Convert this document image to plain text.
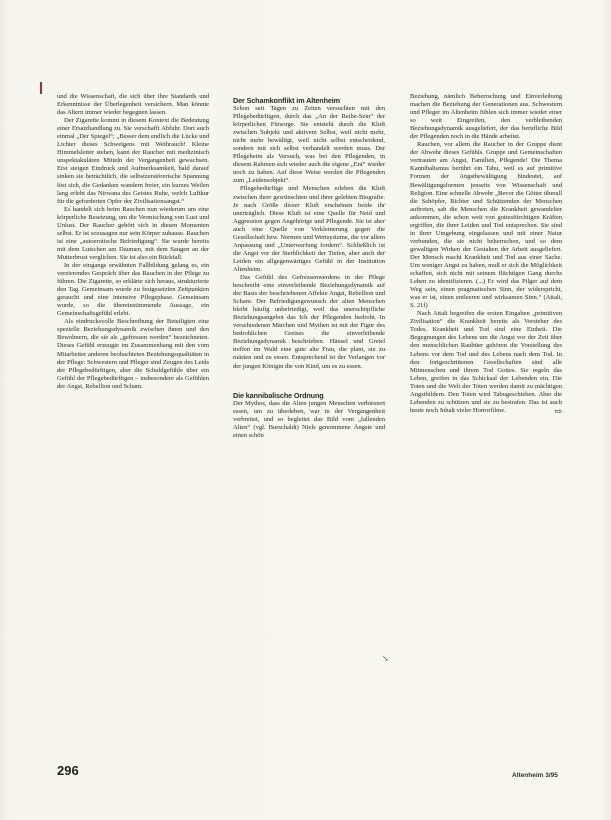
und die Wissenschaft, die sich über ihre Standards und Erkenntnisse der Überlegenheit versichern. Man könnte das Altern immer wieder begegnen lassen.

Der Zigarette kommt in diesem Kontext die Bedeutung einer Ersatzhandlung zu. Sie verschafft Abfuhr. Dort auch einmal „Der Spiegel“: „Besser dem endlich die Lücke und Lichter dieses Schweigens mit Weihrauch! Kleine Himmelsleiter stehen, kann der Raucher mit medizinisch unspektakulären Mitteln der Vergangenheit gewachsen. Erst steigen Eindruck und Aufmerksamkeit, bald darauf sinken sie beträchtlich, die selbstzerstörerische Spannung löst sich, die Gedanken wandern freier, ein kurzes Weilen lang erlebt das Nirwana des Geistes Ruhe, welch Luftkur für die geforderten Opfer der Zivilisationsangst.“

Es handelt sich beim Rauchen nun wiederum um eine körperliche Besetzung, um die Vermischung von Lust und Unlust. Der Raucher gehört sich in diesen Momenten selbst. Er ist sozusagen nur sein Körper zuhause. Rauchen ist eine „autoerotische Befriedigung“. Sie wurde bereits mit dem Lutschen am Daumen, mit dem Saugen an der Mutterbrust verglichen. Sie ist also ein Rückfall.

In der eingangs erwähnten Fallbildung gelang es, ein verzierendes Gespräch über das Rauchen in der Pflege zu führen. Die Zigarette, so erklärte sich heraus, strukturierte den Tag. Gemeinsam wurde zu festgesetzten Zeitpunkten geraucht und eine intensive Pflegephase. Gemeinsam wurde, so die übereinstimmende Aussage, ein Gemeinschaftsgefühl erlebt.

Als eindrucksvolle Beschreibung der Beteiligten eine spezielle Beziehungsdynamik zwischen ihnen und den Bewohnern, die sie als „gefressen werden“ bezeichneten. Dieses Gefühl erzeugte im Zusammenhang mit den vom Mitarbeiter anderen beobachteten Beziehungsqualitäten in der Pflege: Schwestern und Pfleger sind Zeugen des Leids der Pflegebedürftigen, aber die Schuldgefühle über ein Gefühl der Pflegebedürftigen – insbesondere als Gefühlen der Angst, Rebellion und Scham.

Der Schamkonflikt im Altenheim

Schon seit Tagen zu Zeiten versuchten mit den Pflegebedürftigen, durch das „An der Reihe-Sein“ der körperlichen Fürsorge. Sie entsteht durch die Kluft zwischen Subjekt und aktivem Selbst, weil nicht mehr, nicht mehr bewältigt, weil nicht selbst entscheidend, sondern mit sich selbst verhandelt werden muss. Der Pflegeheim als Versuch, was bei den Pflegenden, in diesem Rahmen sich wieder auch die eigene „Ent“ wieder noch zu haben. Auf diese Weise werden die Pflegenden zum „Leidensobjekt“.

Pflegebedürftige und Menschen erleben die Kluft zwischen ihrer gewünschten und ihrer gelebten Biografie. Je nach Größe dieser Kluft erscheinen beide ihr unerträglich. Diese Kluft ist eine Quelle für Neid und Aggression gegen Angehörige und Pflegende. Sie ist aber auch eine Quelle von Verkleinerung gegen die Gesellschaft bzw. Normen und Wertsysteme, die vor allem Anpassung und „Unterwerfung fordern“. Schließlich ist die Angst vor der Sterblichkeit der Tiefen, aber auch der Leiden ein allgegenwärtiges Gefühl in der Institution Altenheim.

Das Gefühl des Gefressenwerdens in der Pflege beschreibt eine einverleibende Beziehungsdynamik auf der Basis der beschriebenen Affekte Angst, Rebellion und Scham. Der Befriedigungswunsch der alten Menschen bleibt häufig unbefriedigt, weil das unerschöpfliche Beziehungsangebot das Ich der Pflegenden bedroht. In verschiedenen Märchen und Mythen ist mit der Figur des bedrohlichen Greises die einverleibende Beziehungsdynamik beschrieben. Hänsel und Gretel treffen im Wald eine gute alte Frau, die plant, sie zu mästen und zu essen. Entsprechend ist der Verlangen vor der jungen Königin die von Kind, um es zu essen.

Die kannibalische Ordnung

Der Mythos, dass die Alten jungen Menschen verbiestert essen, um zu überleben, war in der Vergangenheit verbreitet, und so begleitet das Bild vom „fallenden Alten“ (vgl. Burschaldt) Niels genommene Ängste und einen schön

Beziehung, nämlich Beherrschung und Einverleibung machen die Beziehung der Generationen aus. Schwestern und Pfleger im Altenheim fühlen sich immer wieder einer so weit Eingreifen, den verbleibenden Beziehungsdynamik ausgeliefert, der das berufliche Bild der Pflegenden noch in die Hände arbeitet.

Rauchen, vor allem die Raucher in der Gruppe dient der Abwehr dieses Gefühls. Gruppe und Gemeinschaften vertrauten am Angst, Familien, Pflegende! Die Thema Kannibalismus berührt ein Tabu, weil es auf primitive Formen der Angstbewältigung hindeutet, auf Bewältigungsformen jenseits von Wissenschaft und Religion. Eine schnelle Abwehr „Bevor die Götter überall die Schöpfer, Richter und Schützenden der Menschen auftreten, sah die Menschen die Krankheit gewandelter ankommen, die schon weit von gottesfürchtigen Kräften ergriffen, die ihrer Leiden und Tod entsprechen. Sie sind in ihrer Umgebung eingelassen und mit einer Natur verbunden, die sie nicht beherrschen, und so dem gewaltigen Wirken der Gestalten der Arbeit ausgeliefert. Der Mensch macht Krankheit und Tod aus einer Sache. Um weniger Angst zu haben, muß er sich die Möglichkeit schaffen, sich nicht mit seinem flüchtigen Gang durchs Leben zu identifizieren. (...) Er wird das Pilger auf dem Weg sein, einen pragmatischen Sinn, der widerspricht, was er ist, einen entleeren und wirksamen Sinn.“ (Attali, S. 21f)

Nach Attali begreifen die ersten Eingaben „primitiven Zivilisation“ die Krankheit bereits als Vorsteher des Todes. Krankheit und Tod sind eine Einheit. Die Begegnungen des Lebens um die Angst vor der Zeit über den menschlichen Raubtier gehören die Vorstellung des Lebens vor dem Tod und des Lebens nach dem Tod. In den fortgeschrittenen Gesellschaften sind alle Mitmenschen und ihrem Tod Gottes. Sie regeln das Leben, greifen in das Schicksal der Lebenden ein. Die Toten und die Welt der Toten werden damit zu mächtigen Angstbildern. Den Toten wird Tabugeschieben. Aber die Lebenden zu schützen und sie zu bestrafen. Das ist auch heute noch Inhalt vieler Horrorfilme.	⇨
↘
296	Altenheim 3/95
